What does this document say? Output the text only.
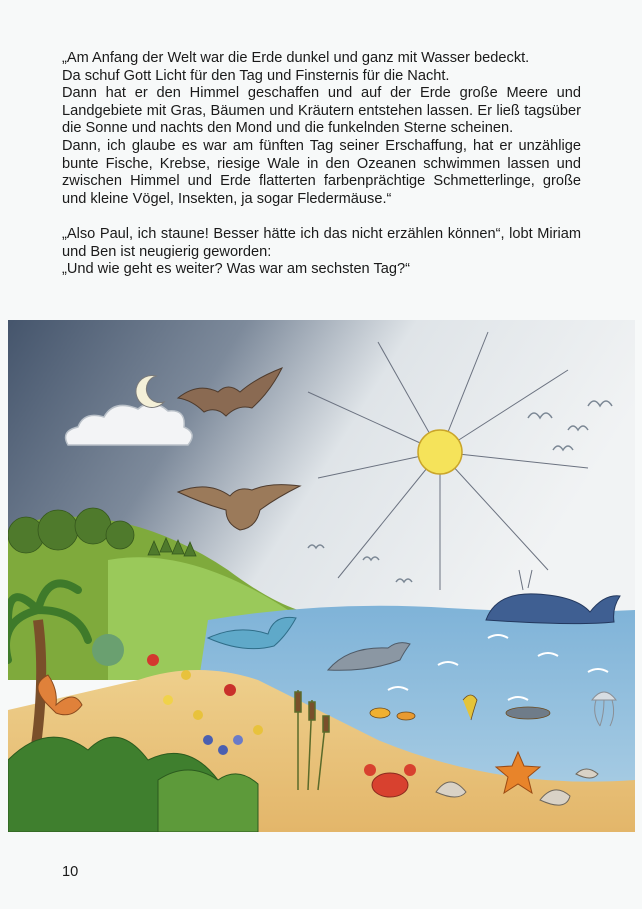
„Am Anfang der Welt war die Erde dunkel und ganz mit Wasser bedeckt.

Da schuf Gott Licht für den Tag und Finsternis für die Nacht.

Dann hat er den Himmel geschaffen und auf der Erde große Meere und Landgebiete mit Gras, Bäumen und Kräutern entstehen lassen. Er ließ tagsüber die Sonne und nachts den Mond und die funkelnden Sterne scheinen.

Dann, ich glaube es war am fünften Tag seiner Erschaffung, hat er unzählige bunte Fische, Krebse, riesige Wale in den Ozeanen schwimmen lassen und zwischen Himmel und Erde flatterten farbenprächtige Schmetterlinge, große und kleine Vögel, Insekten, ja sogar Fledermäuse.“

„Also Paul, ich staune! Besser hätte ich das nicht erzählen können“, lobt Miriam und Ben ist neugierig geworden:

„Und wie geht es weiter? Was war am sechsten Tag?“

10
